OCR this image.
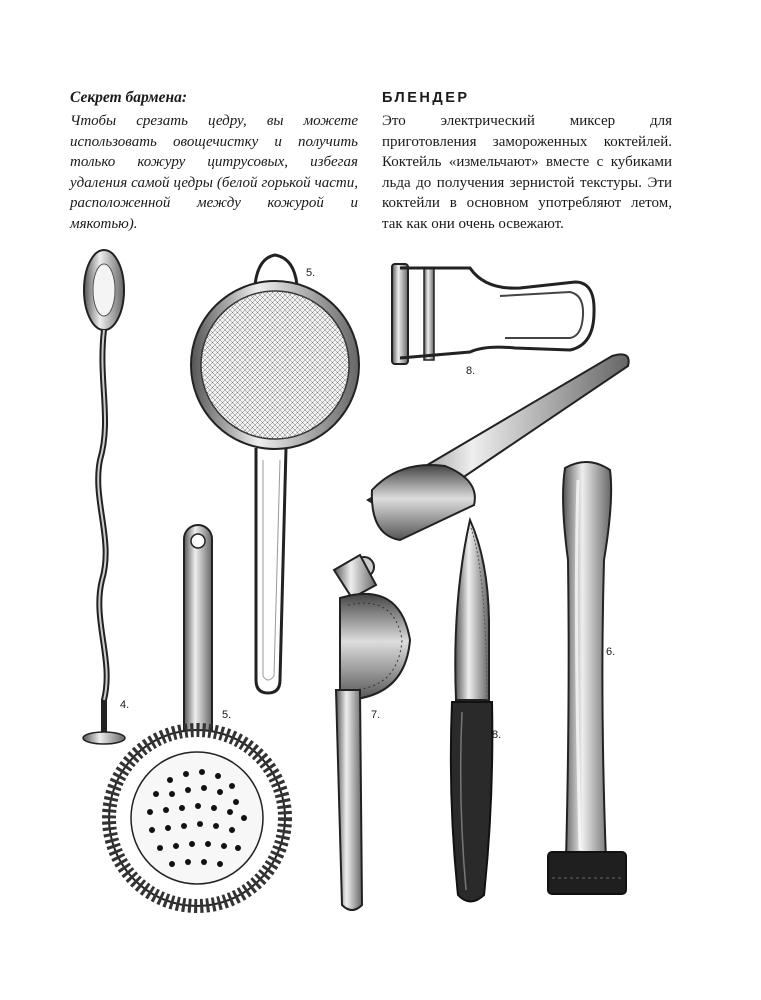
Секрет бармена:

Чтобы срезать цедру, вы можете использовать овощечистку и получить только кожуру цитрусовых, избегая удаления самой цедры (белой горькой части, расположенной между кожурой и мякотью).

БЛЕНДЕР

Это электрический миксер для приготовления замороженных коктейлей. Коктейль «измельчают» вместе с кубиками льда до получения зернистой текстуры. Эти коктейли в основном употребляют летом, так как они очень освежают.

4.
5.
5.
8.
7.
8.
6.
